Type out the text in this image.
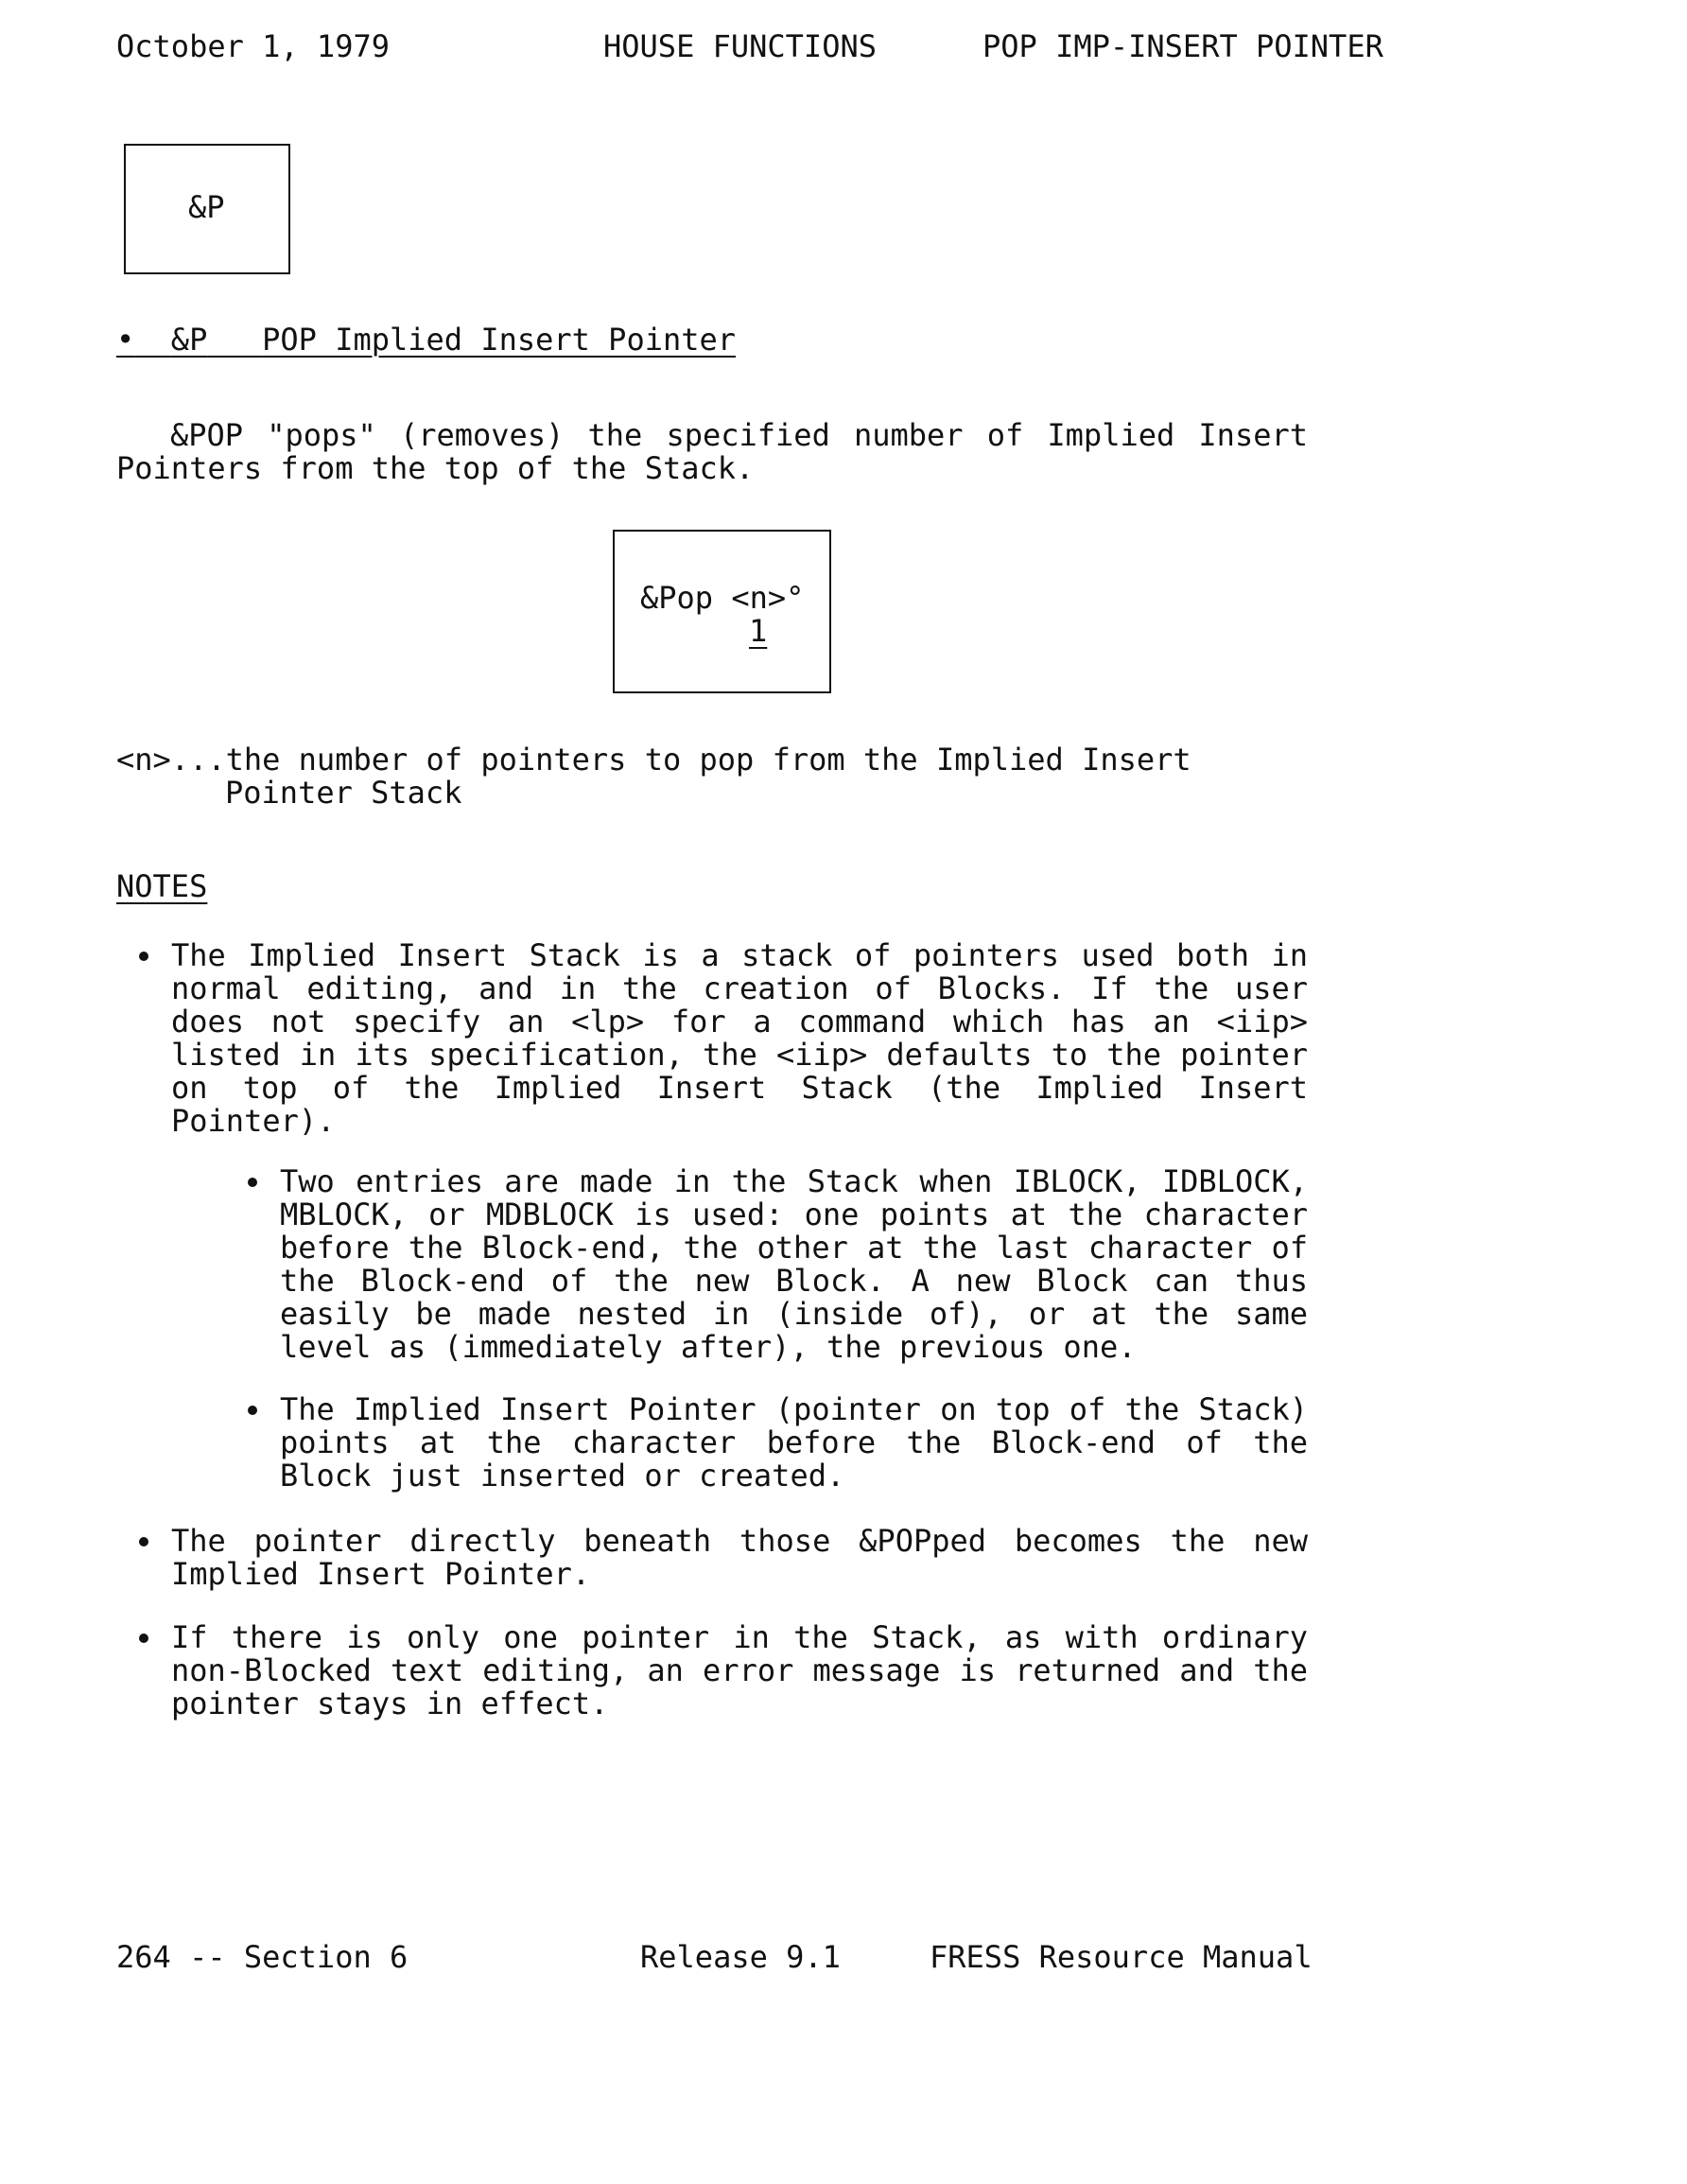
October 1, 1979	HOUSE FUNCTIONS	POP IMP-INSERT POINTER
&P
• &P POP Implied Insert Pointer
&POP "pops" (removes) the specified number of Implied Insert Pointers from the top of the Stack.
&Pop <n>°
1
<n>...the number of pointers to pop from the Implied Insert
Pointer Stack
NOTES
The Implied Insert Stack is a stack of pointers used both in normal editing, and in the creation of Blocks. If the user does not specify an <lp> for a command which has an <iip> listed in its specification, the <iip> defaults to the pointer on top of the Implied Insert Stack (the Implied Insert Pointer).
Two entries are made in the Stack when IBLOCK, IDBLOCK, MBLOCK, or MDBLOCK is used: one points at the character before the Block-end, the other at the last character of the Block-end of the new Block. A new Block can thus easily be made nested in (inside of), or at the same level as (immediately after), the previous one.
The Implied Insert Pointer (pointer on top of the Stack) points at the character before the Block-end of the Block just inserted or created.
The pointer directly beneath those &POPped becomes the new Implied Insert Pointer.
If there is only one pointer in the Stack, as with ordinary non-Blocked text editing, an error message is returned and the pointer stays in effect.
264 -- Section 6	Release 9.1	FRESS Resource Manual
